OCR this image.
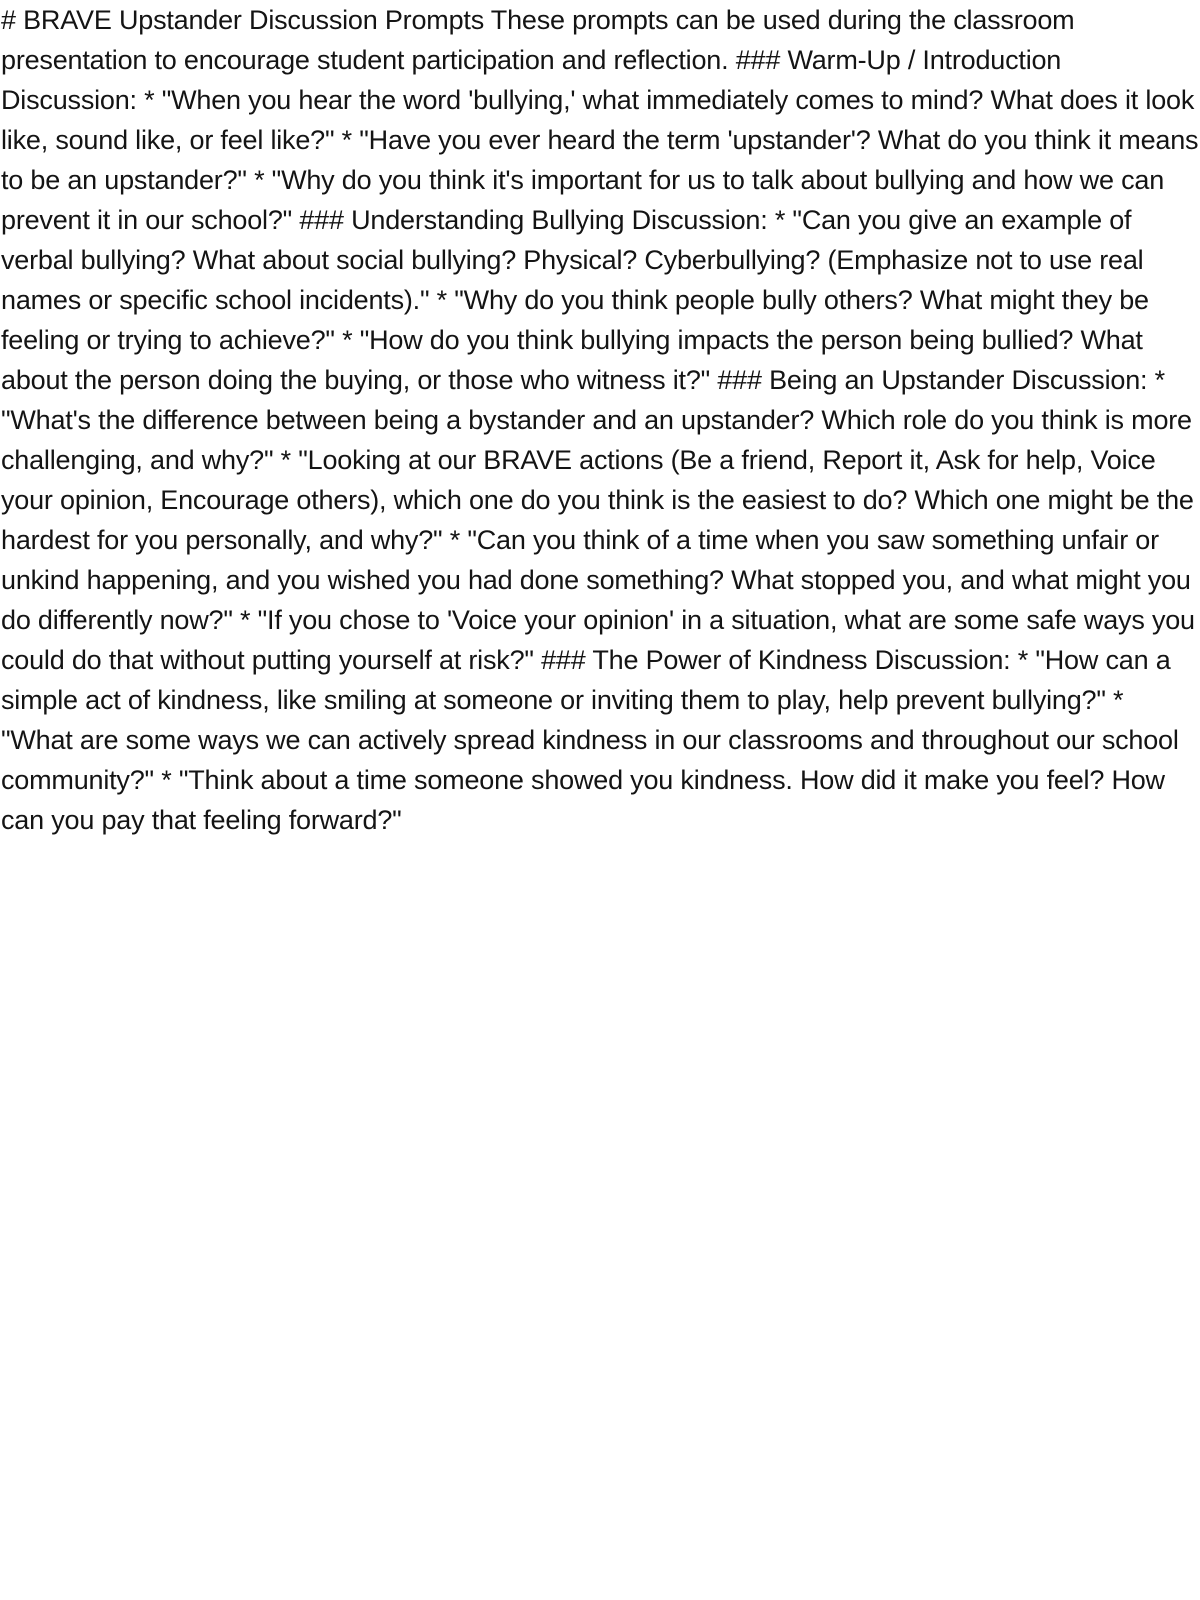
# BRAVE Upstander Discussion Prompts These prompts can be used during the classroom presentation to encourage student participation and reflection. ### Warm-Up / Introduction Discussion: * "When you hear the word 'bullying,' what immediately comes to mind? What does it look like, sound like, or feel like?" * "Have you ever heard the term 'upstander'? What do you think it means to be an upstander?" * "Why do you think it's important for us to talk about bullying and how we can prevent it in our school?" ### Understanding Bullying Discussion: * "Can you give an example of verbal bullying? What about social bullying? Physical? Cyberbullying? (Emphasize not to use real names or specific school incidents)." * "Why do you think people bully others? What might they be feeling or trying to achieve?" * "How do you think bullying impacts the person being bullied? What about the person doing the buying, or those who witness it?" ### Being an Upstander Discussion: * "What's the difference between being a bystander and an upstander? Which role do you think is more challenging, and why?" * "Looking at our BRAVE actions (Be a friend, Report it, Ask for help, Voice your opinion, Encourage others), which one do you think is the easiest to do? Which one might be the hardest for you personally, and why?" * "Can you think of a time when you saw something unfair or unkind happening, and you wished you had done something? What stopped you, and what might you do differently now?" * "If you chose to 'Voice your opinion' in a situation, what are some safe ways you could do that without putting yourself at risk?" ### The Power of Kindness Discussion: * "How can a simple act of kindness, like smiling at someone or inviting them to play, help prevent bullying?" * "What are some ways we can actively spread kindness in our classrooms and throughout our school community?" * "Think about a time someone showed you kindness. How did it make you feel? How can you pay that feeling forward?"
